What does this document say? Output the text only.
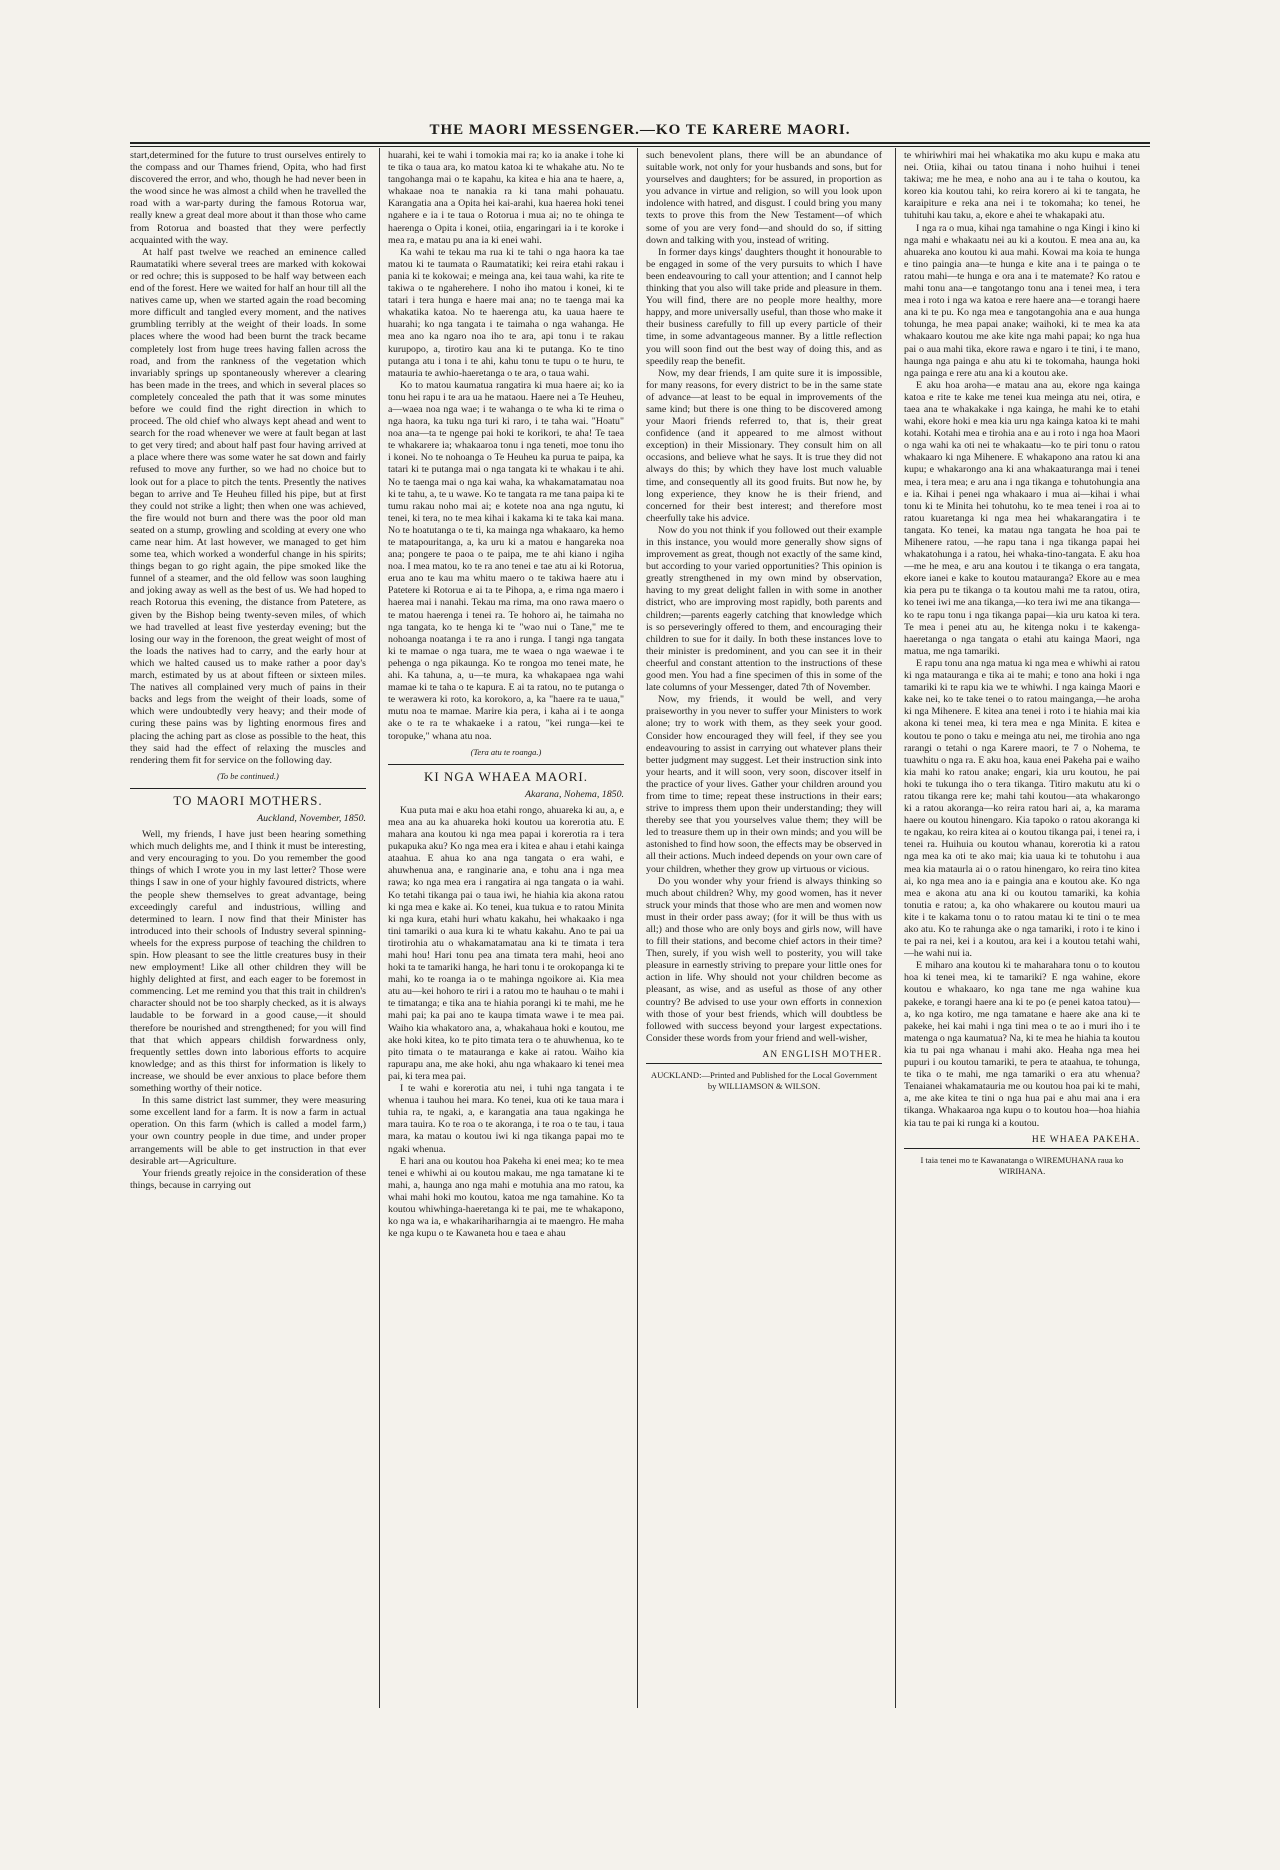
THE MAORI MESSENGER.—KO TE KARERE MAORI.

start,determined for the future to trust ourselves entirely to the compass and our Thames friend, Opita, who had first discovered the error, and who, though he had never been in the wood since he was almost a child when he travelled the road with a war-party during the famous Rotorua war, really knew a great deal more about it than those who came from Rotorua and boasted that they were perfectly acquainted with the way.

At half past twelve we reached an eminence called Raumatatiki where several trees are marked with kokowai or red ochre; this is supposed to be half way between each end of the forest. Here we waited for half an hour till all the natives came up, when we started again the road becoming more difficult and tangled every moment, and the natives grumbling terribly at the weight of their loads. In some places where the wood had been burnt the track became completely lost from huge trees having fallen across the road, and from the rankness of the vegetation which invariably springs up spontaneously wherever a clearing has been made in the trees, and which in several places so completely concealed the path that it was some minutes before we could find the right direction in which to proceed. The old chief who always kept ahead and went to search for the road whenever we were at fault began at last to get very tired; and about half past four having arrived at a place where there was some water he sat down and fairly refused to move any further, so we had no choice but to look out for a place to pitch the tents. Presently the natives began to arrive and Te Heuheu filled his pipe, but at first they could not strike a light; then when one was achieved, the fire would not burn and there was the poor old man seated on a stump, growling and scolding at every one who came near him. At last however, we managed to get him some tea, which worked a wonderful change in his spirits; things began to go right again, the pipe smoked like the funnel of a steamer, and the old fellow was soon laughing and joking away as well as the best of us. We had hoped to reach Rotorua this evening, the distance from Patetere, as given by the Bishop being twenty-seven miles, of which we had travelled at least five yesterday evening; but the losing our way in the forenoon, the great weight of most of the loads the natives had to carry, and the early hour at which we halted caused us to make rather a poor day's march, estimated by us at about fifteen or sixteen miles. The natives all complained very much of pains in their backs and legs from the weight of their loads, some of which were undoubtedly very heavy; and their mode of curing these pains was by lighting enormous fires and placing the aching part as close as possible to the heat, this they said had the effect of relaxing the muscles and rendering them fit for service on the following day.

(To be continued.)
TO MAORI MOTHERS.
Auckland, November, 1850.

Well, my friends, I have just been hearing something which much delights me, and I think it must be interesting, and very encouraging to you. Do you remember the good things of which I wrote you in my last letter? Those were things I saw in one of your highly favoured districts, where the people shew themselves to great advantage, being exceedingly careful and industrious, willing and determined to learn. I now find that their Minister has introduced into their schools of Industry several spinning-wheels for the express purpose of teaching the children to spin. How pleasant to see the little creatures busy in their new employment! Like all other children they will be highly delighted at first, and each eager to be foremost in commencing. Let me remind you that this trait in children's character should not be too sharply checked, as it is always laudable to be forward in a good cause,—it should therefore be nourished and strengthened; for you will find that that which appears childish forwardness only, frequently settles down into laborious efforts to acquire knowledge; and as this thirst for information is likely to increase, we should be ever anxious to place before them something worthy of their notice.

In this same district last summer, they were measuring some excellent land for a farm. It is now a farm in actual operation. On this farm (which is called a model farm,) your own country people in due time, and under proper arrangements will be able to get instruction in that ever desirable art—Agriculture.

Your friends greatly rejoice in the consideration of these things, because in carrying out

huarahi, kei te wahi i tomokia mai ra; ko ia anake i tohe ki te tika o taua ara, ko matou katoa ki te whakahe atu. No te tangohanga mai o te kapahu, ka kitea e hia ana te haere, a, whakaae noa te nanakia ra ki tana mahi pohauatu. Karangatia ana a Opita hei kai-arahi, kua haerea hoki tenei ngahere e ia i te taua o Rotorua i mua ai; no te ohinga te haerenga o Opita i konei, otiia, engaringari ia i te koroke i mea ra, e matau pu ana ia ki enei wahi.

Ka wahi te tekau ma rua ki te tahi o nga haora ka tae matou ki te taumata o Raumatatiki; kei reira etahi rakau i pania ki te kokowai; e meinga ana, kei taua wahi, ka rite te takiwa o te ngaherehere. I noho iho matou i konei, ki te tatari i tera hunga e haere mai ana; no te taenga mai ka whakatika katoa. No te haerenga atu, ka uaua haere te huarahi; ko nga tangata i te taimaha o nga wahanga. He mea ano ka ngaro noa iho te ara, api tonu i te rakau kurupopo, a, tirotiro kau ana ki te putanga. Ko te tino putanga atu i tona i te ahi, kahu tonu te tupu o te huru, te matauria te awhio-haeretanga o te ara, o taua wahi.

Ko to matou kaumatua rangatira ki mua haere ai; ko ia tonu hei rapu i te ara ua he mataou. Haere nei a Te Heuheu, a—waea noa nga wae; i te wahanga o te wha ki te rima o nga haora, ka tuku nga turi ki raro, i te taha wai. "Hoatu" noa ana—ta te ngenge pai hoki te korikori, te aha! Te taea te whakarere ia; whakaaroa tonu i nga teneti, moe tonu iho i konei. No te nohoanga o Te Heuheu ka purua te paipa, ka tatari ki te putanga mai o nga tangata ki te whakau i te ahi. No te taenga mai o nga kai waha, ka whakamatamatau noa ki te tahu, a, te u wawe. Ko te tangata ra me tana paipa ki te tumu rakau noho mai ai; e kotete noa ana nga ngutu, ki tenei, ki tera, no te mea kihai i kakama ki te taka kai mana. No te hoatutanga o te ti, ka mainga nga whakaaro, ka hemo te matapouritanga, a, ka uru ki a matou e hangareka noa ana; pongere te paoa o te paipa, me te ahi kiano i ngiha noa. I mea matou, ko te ra ano tenei e tae atu ai ki Rotorua, erua ano te kau ma whitu maero o te takiwa haere atu i Patetere ki Rotorua e ai ta te Pihopa, a, e rima nga maero i haerea mai i nanahi. Tekau ma rima, ma ono rawa maero o te matou haerenga i tenei ra. Te hohoro ai, he taimaha no nga tangata, ko te henga ki te "wao nui o Tane," me te nohoanga noatanga i te ra ano i runga. I tangi nga tangata ki te mamae o nga tuara, me te waea o nga waewae i te pehenga o nga pikaunga. Ko te rongoa mo tenei mate, he ahi. Ka tahuna, a, u—te mura, ka whakapaea nga wahi mamae ki te taha o te kapura. E ai ta ratou, no te putanga o te werawera ki roto, ka korokoro, a, ka "haere ra te uaua," mutu noa te mamae. Marire kia pera, i kaha ai i te aonga ake o te ra te whakaeke i a ratou, "kei runga—kei te toropuke," whana atu noa.

(Tera atu te roanga.)
KI NGA WHAEA MAORI.
Akarana, Nohema, 1850.

Kua puta mai e aku hoa etahi rongo, ahuareka ki au, a, e mea ana au ka ahuareka hoki koutou ua korerotia atu. E mahara ana koutou ki nga mea papai i korerotia ra i tera pukapuka aku? Ko nga mea era i kitea e ahau i etahi kainga ataahua. E ahua ko ana nga tangata o era wahi, e ahuwhenua ana, e ranginarie ana, e tohu ana i nga mea rawa; ko nga mea era i rangatira ai nga tangata o ia wahi. Ko tetahi tikanga pai o taua iwi, he hiahia kia akona ratou ki nga mea e kake ai. Ko tenei, kua tukua e to ratou Minita ki nga kura, etahi huri whatu kakahu, hei whakaako i nga tini tamariki o aua kura ki te whatu kakahu. Ano te pai ua tirotirohia atu o whakamatamatau ana ki te timata i tera mahi hou! Hari tonu pea ana timata tera mahi, heoi ano hoki ta te tamariki hanga, he hari tonu i te orokopanga ki te mahi, ko te roanga ia o te mahinga ngoikore ai. Kia mea atu au—kei hohoro te riri i a ratou mo te hauhau o te mahi i te timatanga; e tika ana te hiahia porangi ki te mahi, me he mahi pai; ka pai ano te kaupa timata wawe i te mea pai. Waiho kia whakatoro ana, a, whakahaua hoki e koutou, me ake hoki kitea, ko te pito timata tera o te ahuwhenua, ko te pito timata o te matauranga e kake ai ratou. Waiho kia rapurapu ana, me ake hoki, ahu nga whakaaro ki tenei mea pai, ki tera mea pai.

I te wahi e korerotia atu nei, i tuhi nga tangata i te whenua i tauhou hei mara. Ko tenei, kua oti ke taua mara i tuhia ra, te ngaki, a, e karangatia ana taua ngakinga he mara tauira. Ko te roa o te akoranga, i te roa o te tau, i taua mara, ka matau o koutou iwi ki nga tikanga papai mo te ngaki whenua.

E hari ana ou koutou hoa Pakeha ki enei mea; ko te mea tenei e whiwhi ai ou koutou makau, me nga tamatane ki te mahi, a, haunga ano nga mahi e motuhia ana mo ratou, ka whai mahi hoki mo koutou, katoa me nga tamahine. Ko ta koutou whiwhinga-haeretanga ki te pai, me te whakapono, ko nga wa ia, e whakarihariharngia ai te maengro. He maha ke nga kupu o te Kawaneta hou e taea e ahau

such benevolent plans, there will be an abundance of suitable work, not only for your husbands and sons, but for yourselves and daughters; for be assured, in proportion as you advance in virtue and religion, so will you look upon indolence with hatred, and disgust. I could bring you many texts to prove this from the New Testament—of which some of you are very fond—and should do so, if sitting down and talking with you, instead of writing.

In former days kings' daughters thought it honourable to be engaged in some of the very pursuits to which I have been endeavouring to call your attention; and I cannot help thinking that you also will take pride and pleasure in them. You will find, there are no people more healthy, more happy, and more universally useful, than those who make it their business carefully to fill up every particle of their time, in some advantageous manner. By a little reflection you will soon find out the best way of doing this, and as speedily reap the benefit.

Now, my dear friends, I am quite sure it is impossible, for many reasons, for every district to be in the same state of advance—at least to be equal in improvements of the same kind; but there is one thing to be discovered among your Maori friends referred to, that is, their great confidence (and it appeared to me almost without exception) in their Missionary. They consult him on all occasions, and believe what he says. It is true they did not always do this; by which they have lost much valuable time, and consequently all its good fruits. But now he, by long experience, they know he is their friend, and concerned for their best interest; and therefore most cheerfully take his advice.

Now do you not think if you followed out their example in this instance, you would more generally show signs of improvement as great, though not exactly of the same kind, but according to your varied opportunities? This opinion is greatly strengthened in my own mind by observation, having to my great delight fallen in with some in another district, who are improving most rapidly, both parents and children;—parents eagerly catching that knowledge which is so perseveringly offered to them, and encouraging their children to sue for it daily. In both these instances love to their minister is predominent, and you can see it in their cheerful and constant attention to the instructions of these good men. You had a fine specimen of this in some of the late columns of your Messenger, dated 7th of November.

Now, my friends, it would be well, and very praiseworthy in you never to suffer your Ministers to work alone; try to work with them, as they seek your good. Consider how encouraged they will feel, if they see you endeavouring to assist in carrying out whatever plans their better judgment may suggest. Let their instruction sink into your hearts, and it will soon, very soon, discover itself in the practice of your lives. Gather your children around you from time to time; repeat these instructions in their ears; strive to impress them upon their understanding; they will thereby see that you yourselves value them; they will be led to treasure them up in their own minds; and you will be astonished to find how soon, the effects may be observed in all their actions. Much indeed depends on your own care of your children, whether they grow up virtuous or vicious.

Do you wonder why your friend is always thinking so much about children? Why, my good women, has it never struck your minds that those who are men and women now must in their order pass away; (for it will be thus with us all;) and those who are only boys and girls now, will have to fill their stations, and become chief actors in their time? Then, surely, if you wish well to posterity, you will take pleasure in earnestly striving to prepare your little ones for action in life. Why should not your children become as pleasant, as wise, and as useful as those of any other country? Be advised to use your own efforts in connexion with those of your best friends, which will doubtless be followed with success beyond your largest expectations. Consider these words from your friend and well-wisher,

AN ENGLISH MOTHER.
AUCKLAND:—Printed and Published for the Local Government by WILLIAMSON & WILSON.

te whiriwhiri mai hei whakatika mo aku kupu e maka atu nei. Otiia, kihai ou tatou tinana i noho huihui i tenei takiwa; me he mea, e noho ana au i te taha o koutou, ka koreo kia koutou tahi, ko reira korero ai ki te tangata, he karaipiture e reka ana nei i te tokomaha; ko tenei, he tuhituhi kau taku, a, ekore e ahei te whakapaki atu.

I nga ra o mua, kihai nga tamahine o nga Kingi i kino ki nga mahi e whakaatu nei au ki a koutou. E mea ana au, ka ahuareka ano koutou ki aua mahi. Kowai ma koia te hunga e tino paingia ana—te hunga e kite ana i te painga o te ratou mahi—te hunga e ora ana i te matemate? Ko ratou e mahi tonu ana—e tangotango tonu ana i tenei mea, i tera mea i roto i nga wa katoa e rere haere ana—e torangi haere ana ki te pu. Ko nga mea e tangotangohia ana e aua hunga tohunga, he mea papai anake; waihoki, ki te mea ka ata whakaaro koutou me ake kite nga mahi papai; ko nga hua pai o aua mahi tika, ekore rawa e ngaro i te tini, i te mano, haunga nga painga e ahu atu ki te tokomaha, haunga hoki nga painga e rere atu ana ki a koutou ake.

E aku hoa aroha—e matau ana au, ekore nga kainga katoa e rite te kake me tenei kua meinga atu nei, otira, e taea ana te whakakake i nga kainga, he mahi ke to etahi wahi, ekore hoki e mea kia uru nga kainga katoa ki te mahi kotahi. Kotahi mea e tirohia ana e au i roto i nga hoa Maori o nga wahi ka oti nei te whakaatu—ko te piri tonu o ratou whakaaro ki nga Mihenere. E whakapono ana ratou ki ana kupu; e whakarongo ana ki ana whakaaturanga mai i tenei mea, i tera mea; e aru ana i nga tikanga e tohutohungia ana e ia. Kihai i penei nga whakaaro i mua ai—kihai i whai tonu ki te Minita hei tohutohu, ko te mea tenei i roa ai to ratou kuaretanga ki nga mea hei whakarangatira i te tangata. Ko tenei, ka matau nga tangata he hoa pai te Mihenere ratou, —he rapu tana i nga tikanga papai hei whakatohunga i a ratou, hei whaka-tino-tangata. E aku hoa—me he mea, e aru ana koutou i te tikanga o era tangata, ekore ianei e kake to koutou matauranga? Ekore au e mea kia pera pu te tikanga o ta koutou mahi me ta ratou, otira, ko tenei iwi me ana tikanga,—ko tera iwi me ana tikanga—ko te rapu tonu i nga tikanga papai—kia uru katoa ki tera. Te mea i penei atu au, he kitenga noku i te kakenga-haeretanga o nga tangata o etahi atu kainga Maori, nga matua, me nga tamariki.

E rapu tonu ana nga matua ki nga mea e whiwhi ai ratou ki nga matauranga e tika ai te mahi; e tono ana hoki i nga tamariki ki te rapu kia we te whiwhi. I nga kainga Maori e kake nei, ko te take tenei o to ratou mainganga,—he aroha ki nga Mihenere. E kitea ana tenei i roto i te hiahia mai kia akona ki tenei mea, ki tera mea e nga Minita. E kitea e koutou te pono o taku e meinga atu nei, me tirohia ano nga rarangi o tetahi o nga Karere maori, te 7 o Nohema, te tuawhitu o nga ra. E aku hoa, kaua enei Pakeha pai e waiho kia mahi ko ratou anake; engari, kia uru koutou, he pai hoki te tukunga iho o tera tikanga. Titiro makutu atu ki o ratou tikanga rere ke; mahi tahi koutou—ata whakarongo ki a ratou akoranga—ko reira ratou hari ai, a, ka marama haere ou koutou hinengaro. Kia tapoko o ratou akoranga ki te ngakau, ko reira kitea ai o koutou tikanga pai, i tenei ra, i tenei ra. Huihuia ou koutou whanau, korerotia ki a ratou nga mea ka oti te ako mai; kia uaua ki te tohutohu i aua mea kia mataurla ai o o ratou hinengaro, ko reira tino kitea ai, ko nga mea ano ia e paingia ana e koutou ake. Ko nga mea e akona atu ana ki ou koutou tamariki, ka kohia tonutia e ratou; a, ka oho whakarere ou koutou mauri ua kite i te kakama tonu o to ratou matau ki te tini o te mea ako atu. Ko te rahunga ake o nga tamariki, i roto i te kino i te pai ra nei, kei i a koutou, ara kei i a koutou tetahi wahi,—he wahi nui ia.

E miharo ana koutou ki te maharahara tonu o to koutou hoa ki tenei mea, ki te tamariki? E nga wahine, ekore koutou e whakaaro, ko nga tane me nga wahine kua pakeke, e torangi haere ana ki te po (e penei katoa tatou)—a, ko nga kotiro, me nga tamatane e haere ake ana ki te pakeke, hei kai mahi i nga tini mea o te ao i muri iho i te matenga o nga kaumatua? Na, ki te mea he hiahia ta koutou kia tu pai nga whanau i mahi ako. Heaha nga mea hei pupuri i ou koutou tamariki, te pera te ataahua, te tohunga, te tika o te mahi, me nga tamariki o era atu whenua? Tenaianei whakamatauria me ou koutou hoa pai ki te mahi, a, me ake kitea te tini o nga hua pai e ahu mai ana i era tikanga. Whakaaroa nga kupu o to koutou hoa—hoa hiahia kia tau te pai ki runga ki a koutou.

HE WHAEA PAKEHA.
I taia tenei mo te Kawanatanga o WIREMUHANA raua ko WIRIHANA.
